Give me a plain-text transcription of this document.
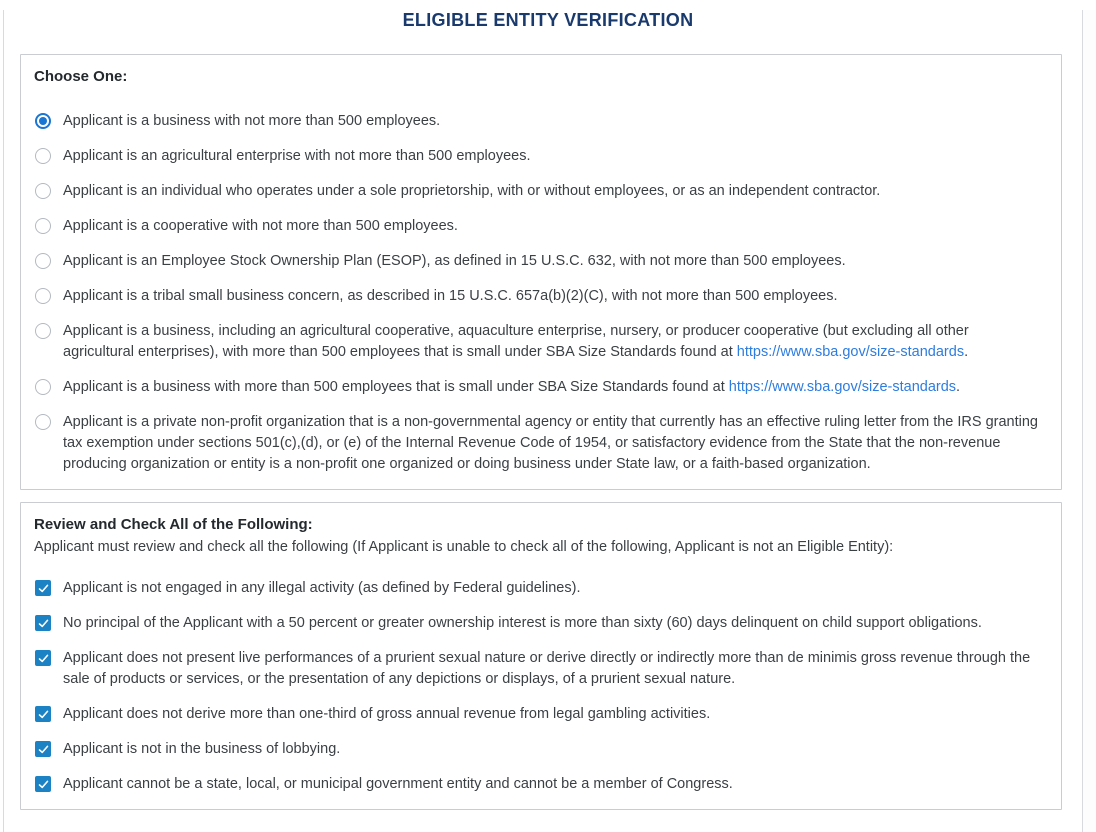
ELIGIBLE ENTITY VERIFICATION
Choose One:
Applicant is a business with not more than 500 employees.
Applicant is an agricultural enterprise with not more than 500 employees.
Applicant is an individual who operates under a sole proprietorship, with or without employees, or as an independent contractor.
Applicant is a cooperative with not more than 500 employees.
Applicant is an Employee Stock Ownership Plan (ESOP), as defined in 15 U.S.C. 632, with not more than 500 employees.
Applicant is a tribal small business concern, as described in 15 U.S.C. 657a(b)(2)(C), with not more than 500 employees.
Applicant is a business, including an agricultural cooperative, aquaculture enterprise, nursery, or producer cooperative (but excluding all other agricultural enterprises), with more than 500 employees that is small under SBA Size Standards found at https://www.sba.gov/size-standards.
Applicant is a business with more than 500 employees that is small under SBA Size Standards found at https://www.sba.gov/size-standards.
Applicant is a private non-profit organization that is a non-governmental agency or entity that currently has an effective ruling letter from the IRS granting tax exemption under sections 501(c),(d), or (e) of the Internal Revenue Code of 1954, or satisfactory evidence from the State that the non-revenue producing organization or entity is a non-profit one organized or doing business under State law, or a faith-based organization.
Review and Check All of the Following:

Applicant must review and check all the following (If Applicant is unable to check all of the following, Applicant is not an Eligible Entity):

Applicant is not engaged in any illegal activity (as defined by Federal guidelines).
No principal of the Applicant with a 50 percent or greater ownership interest is more than sixty (60) days delinquent on child support obligations.
Applicant does not present live performances of a prurient sexual nature or derive directly or indirectly more than de minimis gross revenue through the sale of products or services, or the presentation of any depictions or displays, of a prurient sexual nature.
Applicant does not derive more than one-third of gross annual revenue from legal gambling activities.
Applicant is not in the business of lobbying.
Applicant cannot be a state, local, or municipal government entity and cannot be a member of Congress.
